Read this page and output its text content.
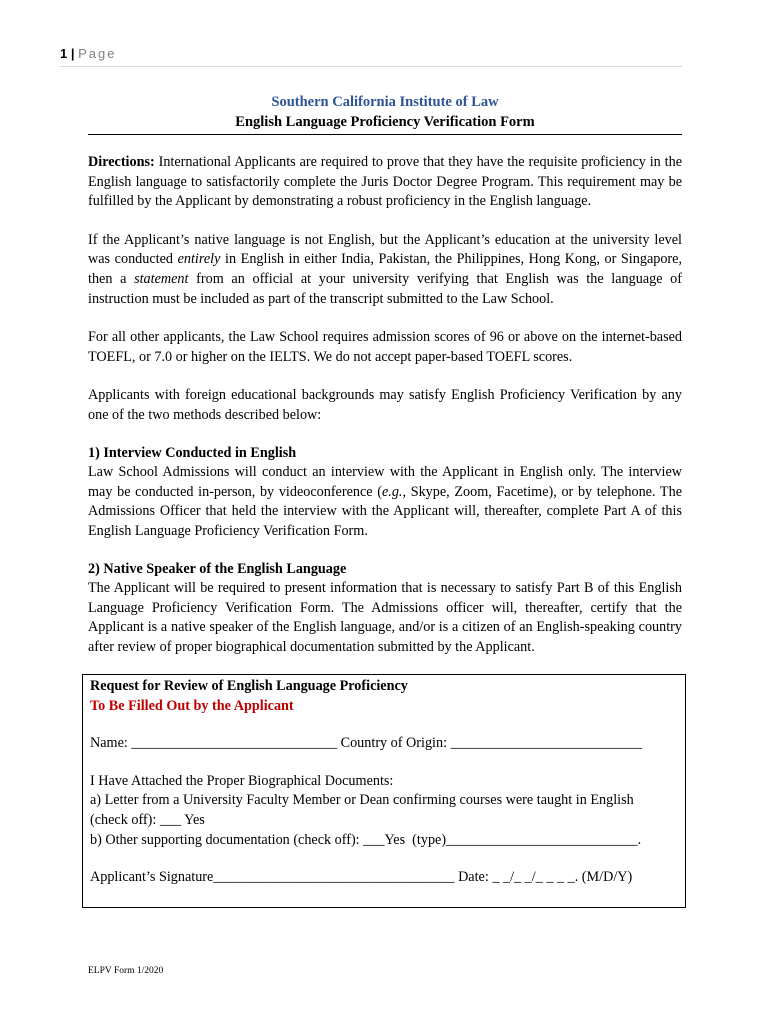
1 | Page
Southern California Institute of Law
English Language Proficiency Verification Form

Directions: International Applicants are required to prove that they have the requisite proficiency in the English language to satisfactorily complete the Juris Doctor Degree Program. This requirement may be fulfilled by the Applicant by demonstrating a robust proficiency in the English language.

If the Applicant’s native language is not English, but the Applicant’s education at the university level was conducted entirely in English in either India, Pakistan, the Philippines, Hong Kong, or Singapore, then a statement from an official at your university verifying that English was the language of instruction must be included as part of the transcript submitted to the Law School.

For all other applicants, the Law School requires admission scores of 96 or above on the internet-based TOEFL, or 7.0 or higher on the IELTS. We do not accept paper-based TOEFL scores.

Applicants with foreign educational backgrounds may satisfy English Proficiency Verification by any one of the two methods described below:

1) Interview Conducted in English
Law School Admissions will conduct an interview with the Applicant in English only. The interview may be conducted in-person, by videoconference (e.g., Skype, Zoom, Facetime), or by telephone. The Admissions Officer that held the interview with the Applicant will, thereafter, complete Part A of this English Language Proficiency Verification Form.

2) Native Speaker of the English Language
The Applicant will be required to present information that is necessary to satisfy Part B of this English Language Proficiency Verification Form. The Admissions officer will, thereafter, certify that the Applicant is a native speaker of the English language, and/or is a citizen of an English-speaking country after review of proper biographical documentation submitted by the Applicant.

Request for Review of English Language Proficiency
To Be Filled Out by the Applicant
Name: _____________________________ Country of Origin: ___________________________
I Have Attached the Proper Biographical Documents:
a) Letter from a University Faculty Member or Dean confirming courses were taught in English
(check off): ___ Yes
b) Other supporting documentation (check off): ___Yes  (type)___________________________.
Applicant’s Signature__________________________________ Date: _ _/_ _/_ _ _ _. (M/D/Y)
ELPV Form 1/2020
